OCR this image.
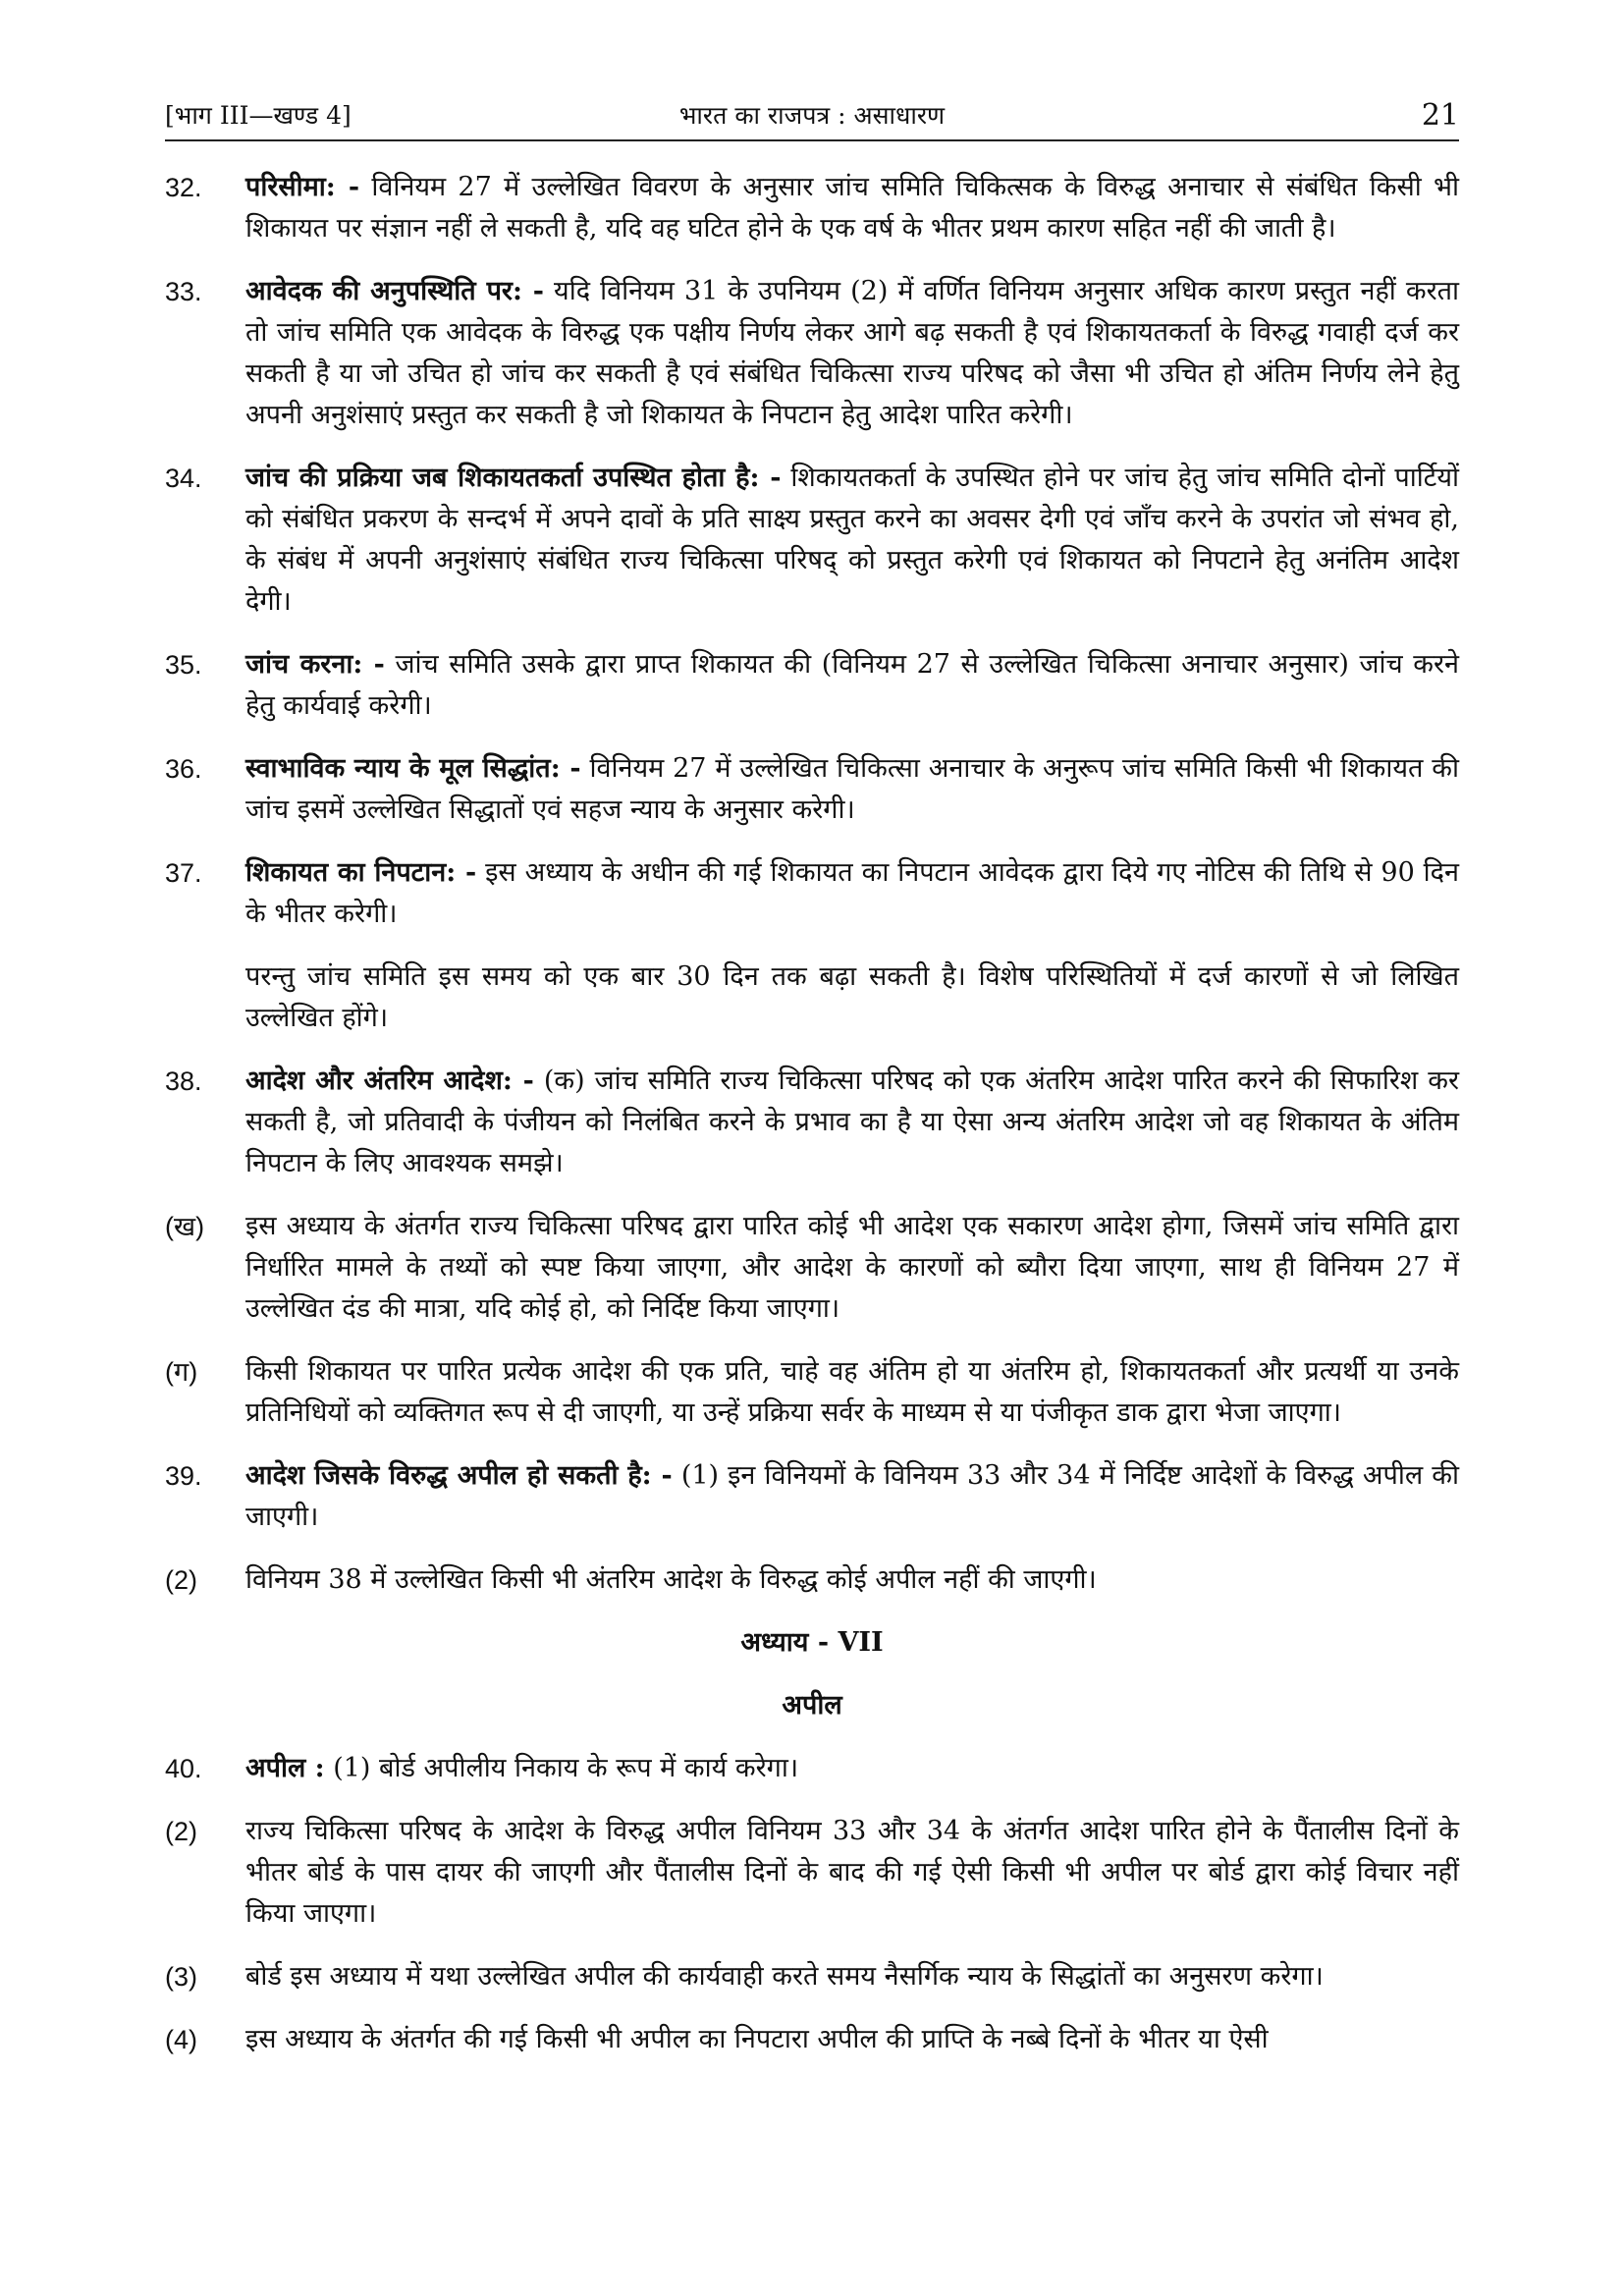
[भाग III—खण्ड 4]	भारत का राजपत्र : असाधारण	21
32.	परिसीमा: - विनियम 27 में उल्लेखित विवरण के अनुसार जांच समिति चिकित्सक के विरुद्ध अनाचार से संबंधित किसी भी शिकायत पर संज्ञान नहीं ले सकती है, यदि वह घटित होने के एक वर्ष के भीतर प्रथम कारण सहित नहीं की जाती है।
33.	आवेदक की अनुपस्थिति पर: - यदि विनियम 31 के उपनियम (2) में वर्णित विनियम अनुसार अधिक कारण प्रस्तुत नहीं करता तो जांच समिति एक आवेदक के विरुद्ध एक पक्षीय निर्णय लेकर आगे बढ़ सकती है एवं शिकायतकर्ता के विरुद्ध गवाही दर्ज कर सकती है या जो उचित हो जांच कर सकती है एवं संबंधित चिकित्सा राज्य परिषद को जैसा भी उचित हो अंतिम निर्णय लेने हेतु अपनी अनुशंसाएं प्रस्तुत कर सकती है जो शिकायत के निपटान हेतु आदेश पारित करेगी।
34.	जांच की प्रक्रिया जब शिकायतकर्ता उपस्थित होता है: - शिकायतकर्ता के उपस्थित होने पर जांच हेतु जांच समिति दोनों पार्टियों को संबंधित प्रकरण के सन्दर्भ में अपने दावों के प्रति साक्ष्य प्रस्तुत करने का अवसर देगी एवं जाँच करने के उपरांत जो संभव हो, के संबंध में अपनी अनुशंसाएं संबंधित राज्य चिकित्सा परिषद् को प्रस्तुत करेगी एवं शिकायत को निपटाने हेतु अनंतिम आदेश देगी।
35.	जांच करना: - जांच समिति उसके द्वारा प्राप्त शिकायत की (विनियम 27 से उल्लेखित चिकित्सा अनाचार अनुसार) जांच करने हेतु कार्यवाई करेगी।
36.	स्वाभाविक न्याय के मूल सिद्धांत: - विनियम 27 में उल्लेखित चिकित्सा अनाचार के अनुरूप जांच समिति किसी भी शिकायत की जांच इसमें उल्लेखित सिद्धातों एवं सहज न्याय के अनुसार करेगी।
37.	शिकायत का निपटान: - इस अध्याय के अधीन की गई शिकायत का निपटान आवेदक द्वारा दिये गए नोटिस की तिथि से 90 दिन के भीतर करेगी।
परन्तु जांच समिति इस समय को एक बार 30 दिन तक बढ़ा सकती है। विशेष परिस्थितियों में दर्ज कारणों से जो लिखित उल्लेखित होंगे।
38.	आदेश और अंतरिम आदेश: - (क) जांच समिति राज्य चिकित्सा परिषद को एक अंतरिम आदेश पारित करने की सिफारिश कर सकती है, जो प्रतिवादी के पंजीयन को निलंबित करने के प्रभाव का है या ऐसा अन्य अंतरिम आदेश जो वह शिकायत के अंतिम निपटान के लिए आवश्यक समझे।
(ख)	इस अध्याय के अंतर्गत राज्य चिकित्सा परिषद द्वारा पारित कोई भी आदेश एक सकारण आदेश होगा, जिसमें जांच समिति द्वारा निर्धारित मामले के तथ्यों को स्पष्ट किया जाएगा, और आदेश के कारणों को ब्यौरा दिया जाएगा, साथ ही विनियम 27 में उल्लेखित दंड की मात्रा, यदि कोई हो, को निर्दिष्ट किया जाएगा।
(ग)	किसी शिकायत पर पारित प्रत्येक आदेश की एक प्रति, चाहे वह अंतिम हो या अंतरिम हो, शिकायतकर्ता और प्रत्यर्थी या उनके प्रतिनिधियों को व्यक्तिगत रूप से दी जाएगी, या उन्हें प्रक्रिया सर्वर के माध्यम से या पंजीकृत डाक द्वारा भेजा जाएगा।
39.	आदेश जिसके विरुद्ध अपील हो सकती है: - (1) इन विनियमों के विनियम 33 और 34 में निर्दिष्ट आदेशों के विरुद्ध अपील की जाएगी।
(2)	विनियम 38 में उल्लेखित किसी भी अंतरिम आदेश के विरुद्ध कोई अपील नहीं की जाएगी।
अध्याय - VII
अपील
40.	अपील : (1) बोर्ड अपीलीय निकाय के रूप में कार्य करेगा।
(2)	राज्य चिकित्सा परिषद के आदेश के विरुद्ध अपील विनियम 33 और 34 के अंतर्गत आदेश पारित होने के पैंतालीस दिनों के भीतर बोर्ड के पास दायर की जाएगी और पैंतालीस दिनों के बाद की गई ऐसी किसी भी अपील पर बोर्ड द्वारा कोई विचार नहीं किया जाएगा।
(3)	बोर्ड इस अध्याय में यथा उल्लेखित अपील की कार्यवाही करते समय नैसर्गिक न्याय के सिद्धांतों का अनुसरण करेगा।
(4)	इस अध्याय के अंतर्गत की गई किसी भी अपील का निपटारा अपील की प्राप्ति के नब्बे दिनों के भीतर या ऐसी
